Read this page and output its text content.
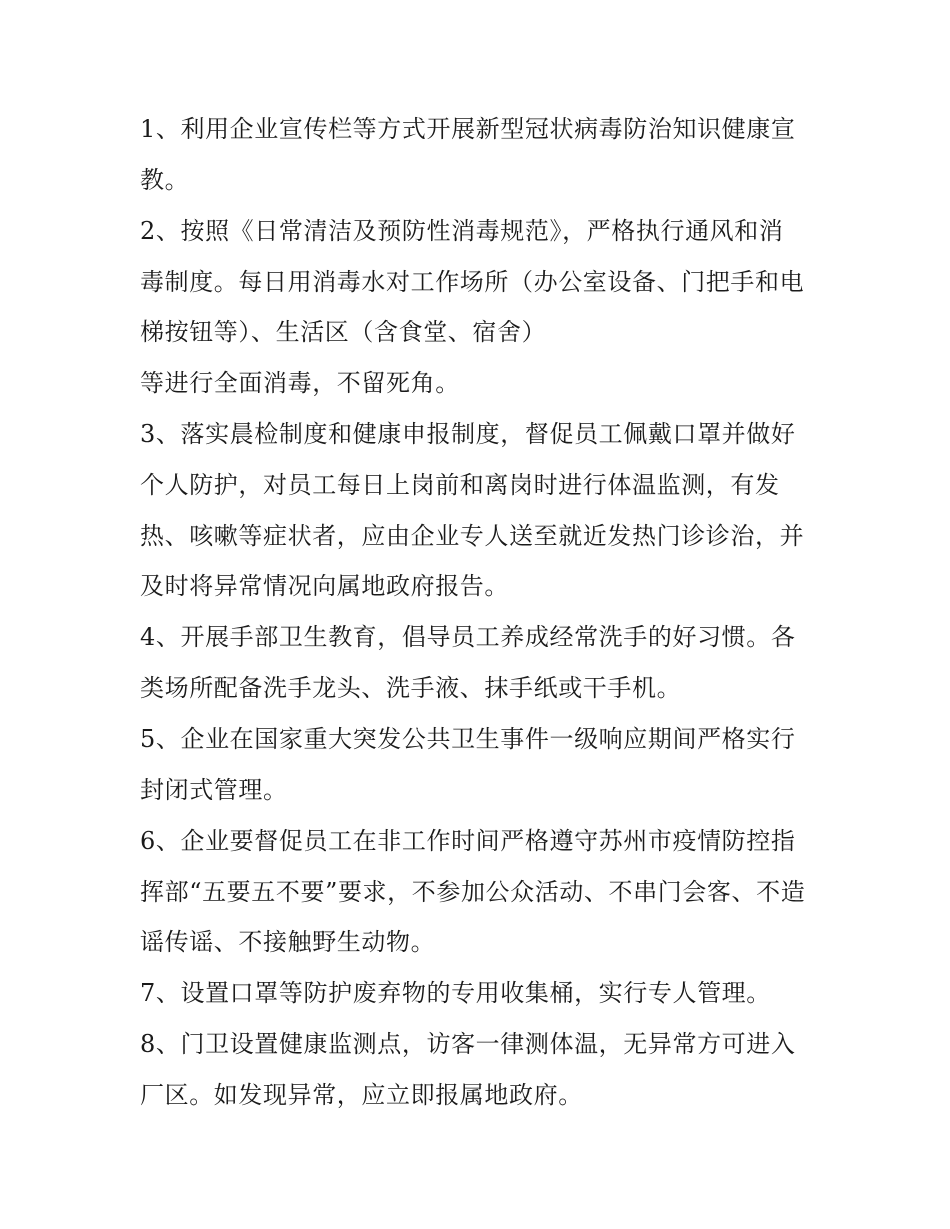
1、利用企业宣传栏等方式开展新型冠状病毒防治知识健康宣
教。
2、按照《日常清洁及预防性消毒规范》，严格执行通风和消
毒制度。每日用消毒水对工作场所（办公室设备、门把手和电
梯按钮等）、生活区（含食堂、宿舍）
等进行全面消毒，不留死角。
3、落实晨检制度和健康申报制度，督促员工佩戴口罩并做好
个人防护，对员工每日上岗前和离岗时进行体温监测，有发
热、咳嗽等症状者，应由企业专人送至就近发热门诊诊治，并
及时将异常情况向属地政府报告。
4、开展手部卫生教育，倡导员工养成经常洗手的好习惯。各
类场所配备洗手龙头、洗手液、抹手纸或干手机。
5、企业在国家重大突发公共卫生事件一级响应期间严格实行
封闭式管理。
6、企业要督促员工在非工作时间严格遵守苏州市疫情防控指
挥部“五要五不要”要求，不参加公众活动、不串门会客、不造
谣传谣、不接触野生动物。
7、设置口罩等防护废弃物的专用收集桶，实行专人管理。
8、门卫设置健康监测点，访客一律测体温，无异常方可进入
厂区。如发现异常，应立即报属地政府。
